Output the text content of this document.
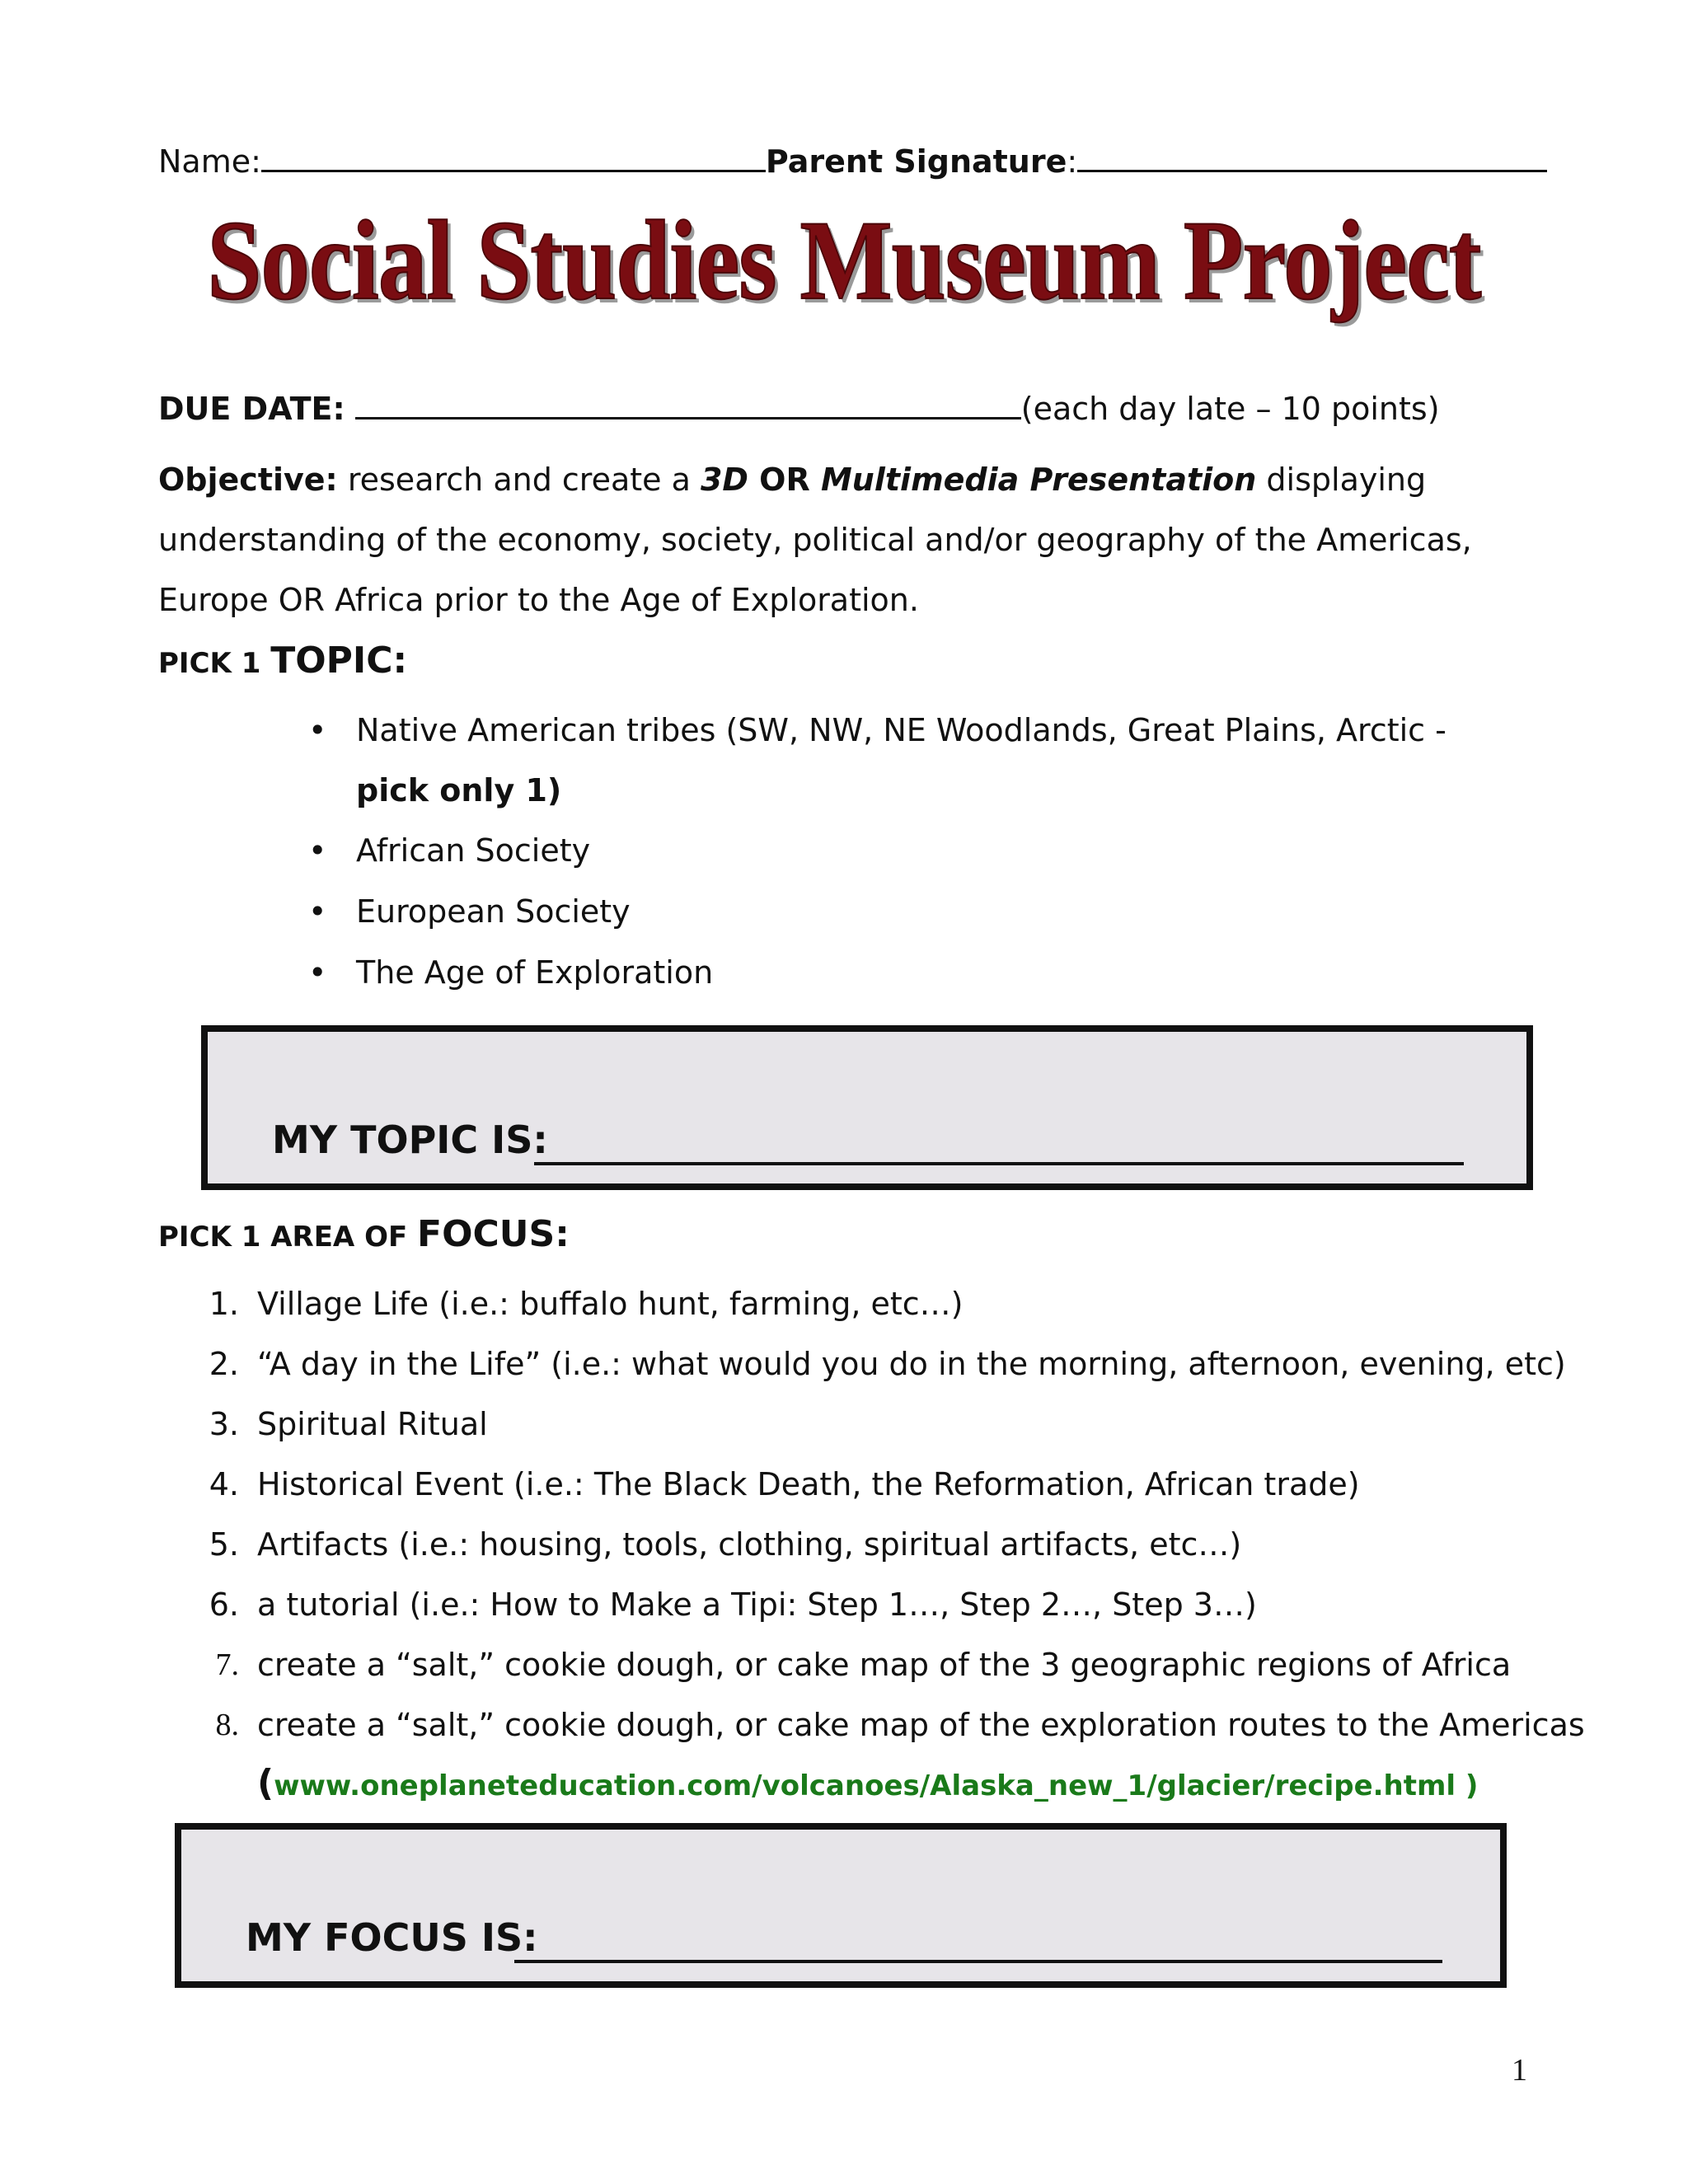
Name:	Parent Signature:
Social Studies Museum Project
DUE DATE:	(each day late – 10 points)
Objective: research and create a 3D OR Multimedia Presentation displaying understanding of the economy, society, political and/or geography of the Americas, Europe OR Africa prior to the Age of Exploration.
PICK 1 TOPIC:
• Native American tribes (SW, NW, NE Woodlands, Great Plains, Arctic - pick only 1)
• African Society
• European Society
• The Age of Exploration
MY TOPIC IS:
PICK 1 AREA OF FOCUS:
1. Village Life (i.e.: buffalo hunt, farming, etc…)
2. “A day in the Life” (i.e.: what would you do in the morning, afternoon, evening, etc)
3. Spiritual Ritual
4. Historical Event (i.e.: The Black Death, the Reformation, African trade)
5. Artifacts (i.e.: housing, tools, clothing, spiritual artifacts, etc…)
6. a tutorial (i.e.: How to Make a Tipi: Step 1…, Step 2…, Step 3…)
7. create a “salt,” cookie dough, or cake map of the 3 geographic regions of Africa
8. create a “salt,” cookie dough, or cake map of the exploration routes to the Americas
(www.oneplaneteducation.com/volcanoes/Alaska_new_1/glacier/recipe.html )
MY FOCUS IS:
1
